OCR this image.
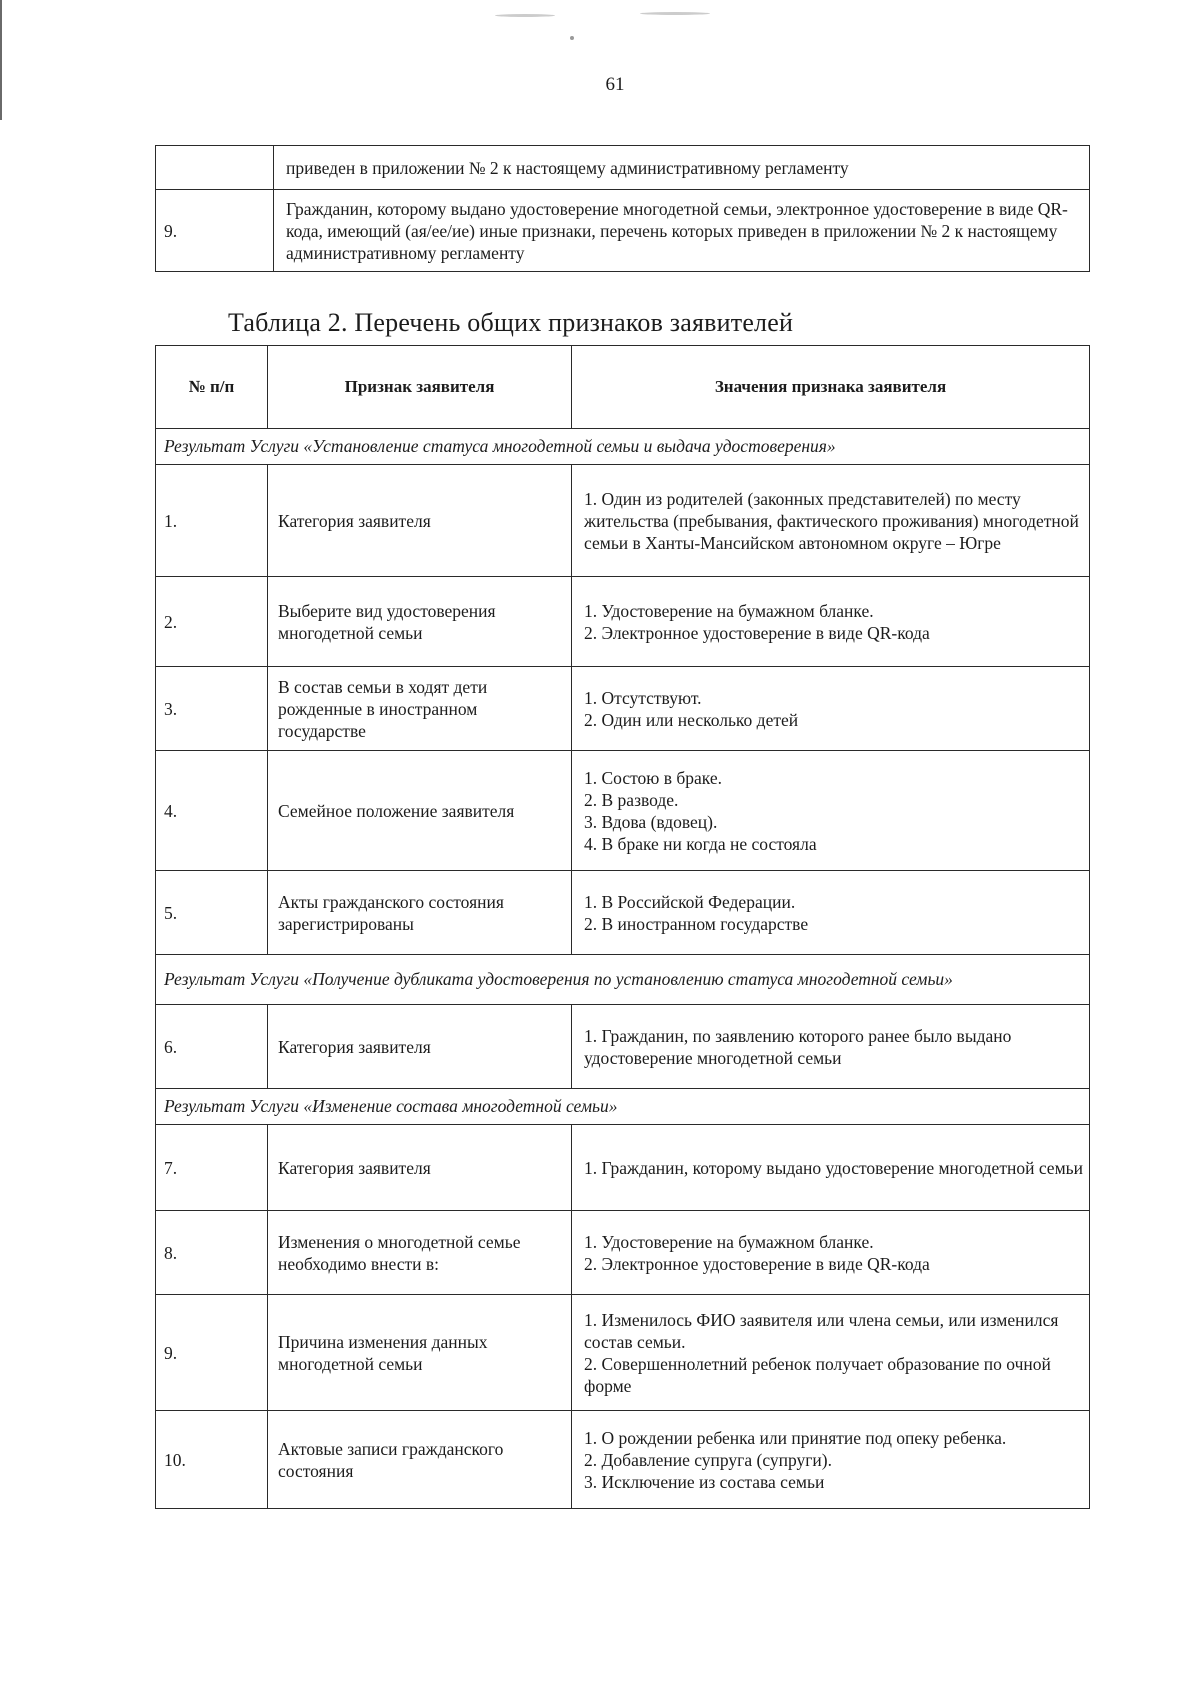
61
	приведен в приложении № 2 к настоящему административному регламенту
9.	Гражданин, которому выдано удостоверение многодетной семьи, электронное удостоверение в виде QR-кода, имеющий (ая/ее/ие) иные признаки, перечень которых приведен в приложении № 2 к настоящему административному регламенту
Таблица 2. Перечень общих признаков заявителей
№ п/п	Признак заявителя	Значения признака заявителя
Результат Услуги «Установление статуса многодетной семьи и выдача удостоверения»		
1.	Категория заявителя	1. Один из родителей (законных представителей) по месту жительства (пребывания, фактического проживания) многодетной семьи в Ханты-Мансийском автономном округе – Югре

2.	Выберите вид удостоверения многодетной семьи	1. Удостоверение на бумажном бланке.
2. Электронное удостоверение в виде QR-кода

3.	В состав семьи в ходят дети рожденные в иностранном государстве	1. Отсутствуют.
2. Один или несколько детей

4.	Семейное положение заявителя	1. Состою в браке.
2. В разводе.
3. Вдова (вдовец).
4. В браке ни когда не состояла

5.	Акты гражданского состояния зарегистрированы	1. В Российской Федерации.
2. В иностранном государстве

Результат Услуги «Получение дубликата удостоверения по установлению статуса многодетной семьи»		
6.	Категория заявителя	1. Гражданин, по заявлению которого ранее было выдано удостоверение многодетной семьи

Результат Услуги «Изменение состава многодетной семьи»		
7.	Категория заявителя	1. Гражданин, которому выдано удостоверение многодетной семьи

8.	Изменения о многодетной семье необходимо внести в:	1. Удостоверение на бумажном бланке.
2. Электронное удостоверение в виде QR-кода

9.	Причина изменения данных многодетной семьи	1. Изменилось ФИО заявителя или члена семьи, или изменился состав семьи.
2. Совершеннолетний ребенок получает образование по очной форме

10.	Актовые записи гражданского состояния	1. О рождении ребенка или принятие под опеку ребенка.
2. Добавление супруга (супруги).
3. Исключение из состава семьи
